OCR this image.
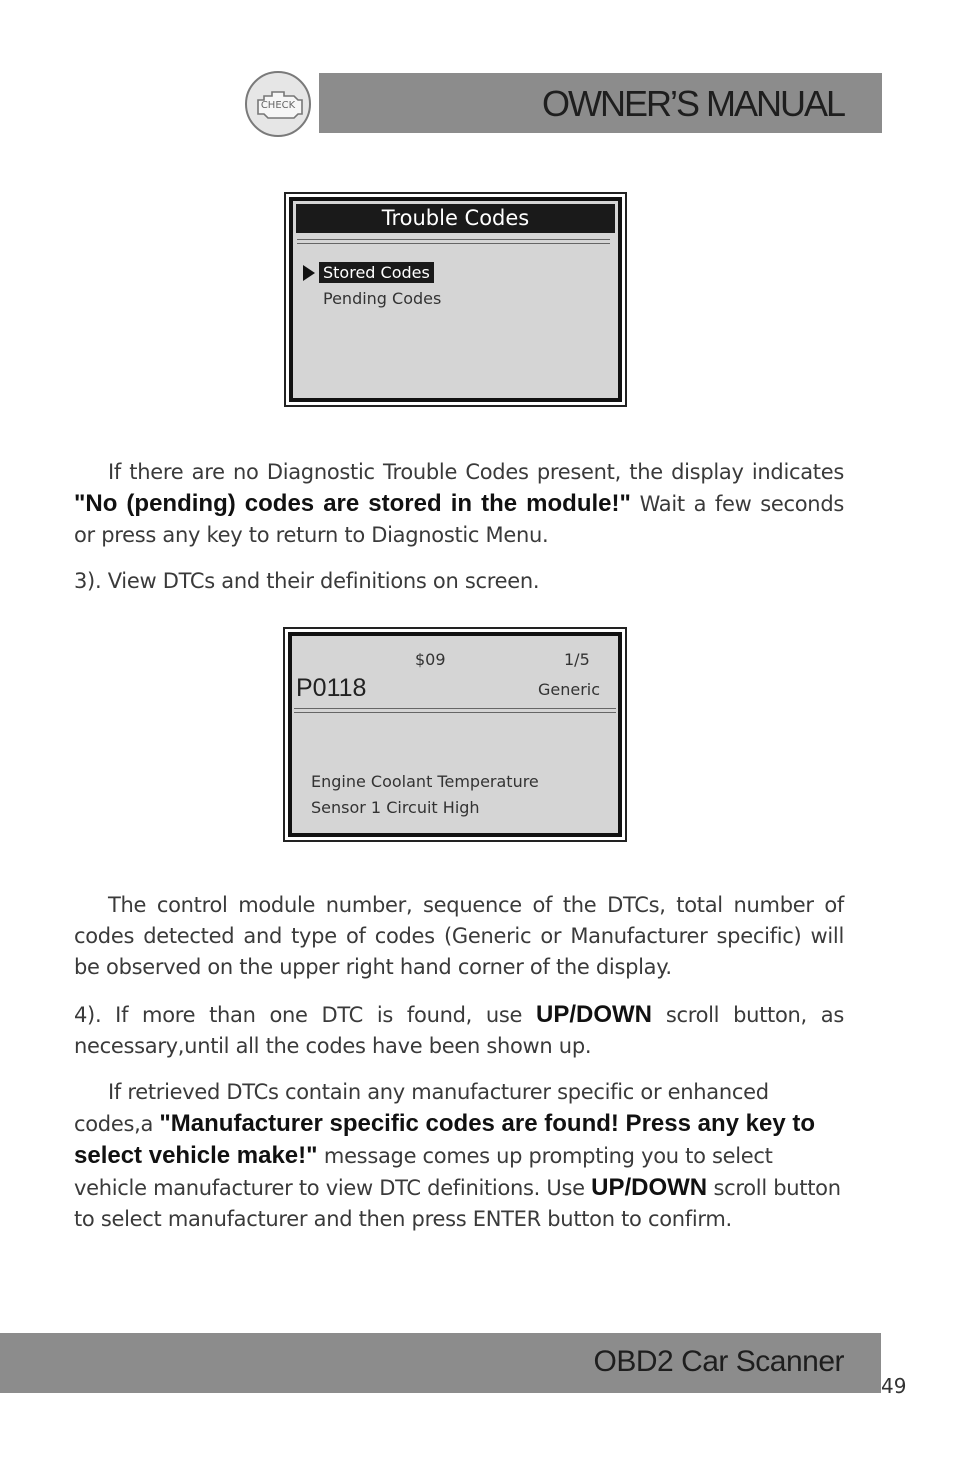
CHECK	OWNER’S MANUAL
Trouble Codes
Stored Codes
Pending Codes
If there are no Diagnostic Trouble Codes present, the display indicates "No (pending) codes are stored in the module!" Wait a few seconds or press any key to return to Diagnostic Menu.
3). View DTCs and their definitions on screen.
$09	1/5
P0118	Generic
Engine Coolant Temperature
Sensor 1 Circuit High
The control module number, sequence of the DTCs, total number of codes detected and type of codes (Generic or Manufacturer specific) will be observed on the upper right hand corner of the display.
4). If more than one DTC is found, use UP/DOWN scroll button, as necessary,until all the codes have been shown up.
If retrieved DTCs contain any manufacturer specific or enhanced codes,a "Manufacturer specific codes are found! Press any key to select vehicle make!" message comes up prompting you to select vehicle manufacturer to view DTC definitions. Use UP/DOWN scroll button to select manufacturer and then press ENTER button to confirm.
OBD2 Car Scanner
49
